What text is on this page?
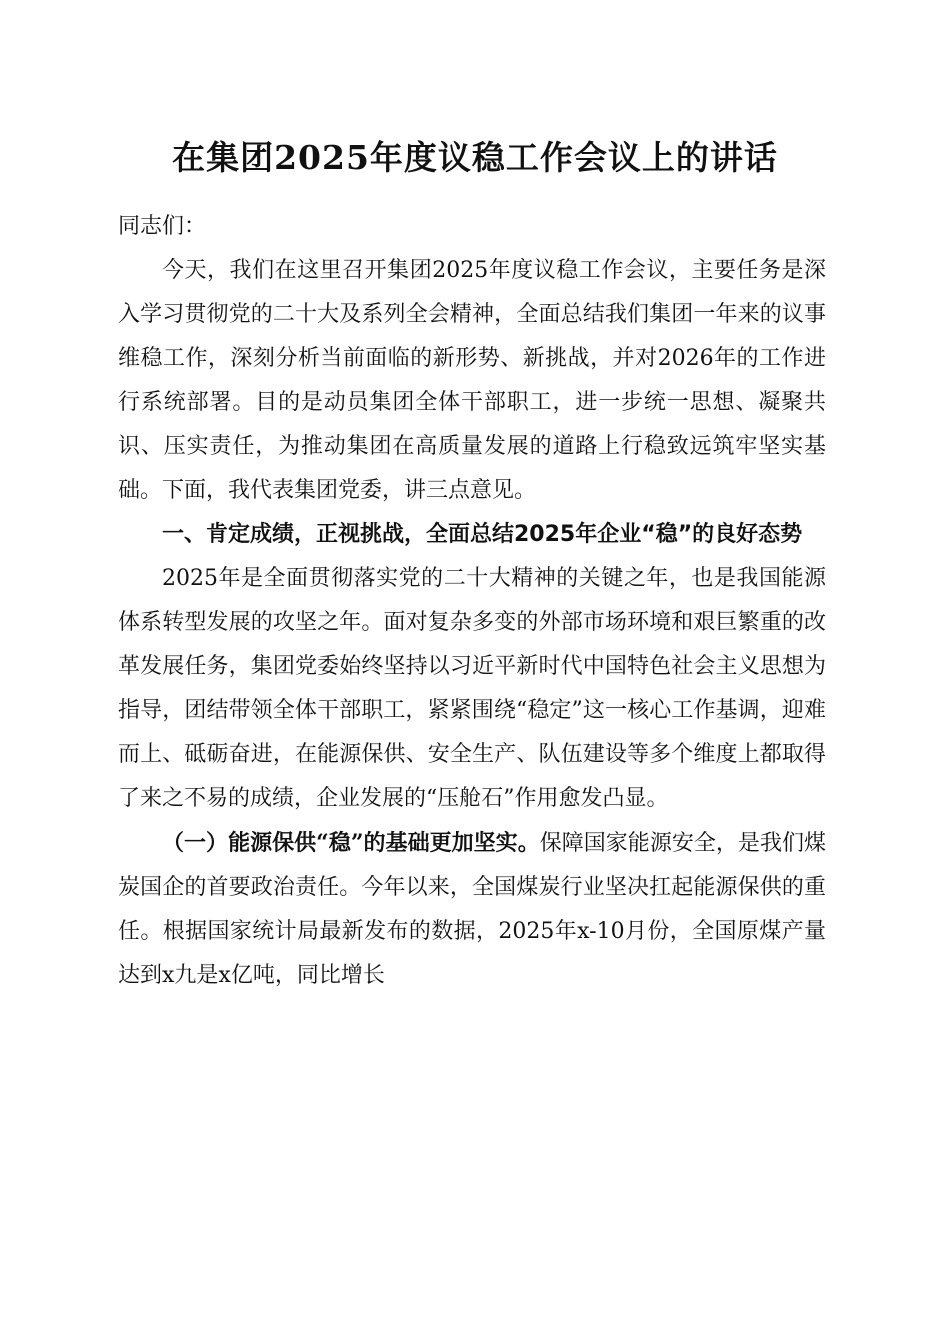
在集团2025年度议稳工作会议上的讲话

同志们：

今天，我们在这里召开集团2025年度议稳工作会议，主要任务是深入学习贯彻党的二十大及系列全会精神，全面总结我们集团一年来的议事维稳工作，深刻分析当前面临的新形势、新挑战，并对2026年的工作进行系统部署。目的是动员集团全体干部职工，进一步统一思想、凝聚共识、压实责任，为推动集团在高质量发展的道路上行稳致远筑牢坚实基础。下面，我代表集团党委，讲三点意见。

一、肯定成绩，正视挑战，全面总结2025年企业“稳”的良好态势

2025年是全面贯彻落实党的二十大精神的关键之年，也是我国能源体系转型发展的攻坚之年。面对复杂多变的外部市场环境和艰巨繁重的改革发展任务，集团党委始终坚持以习近平新时代中国特色社会主义思想为指导，团结带领全体干部职工，紧紧围绕“稳定”这一核心工作基调，迎难而上、砥砺奋进，在能源保供、安全生产、队伍建设等多个维度上都取得了来之不易的成绩，企业发展的“压舱石”作用愈发凸显。

（一）能源保供“稳”的基础更加坚实。保障国家能源安全，是我们煤炭国企的首要政治责任。今年以来，全国煤炭行业坚决扛起能源保供的重任。根据国家统计局最新发布的数据，2025年x-10月份，全国原煤产量达到x九是x亿吨，同比增长
